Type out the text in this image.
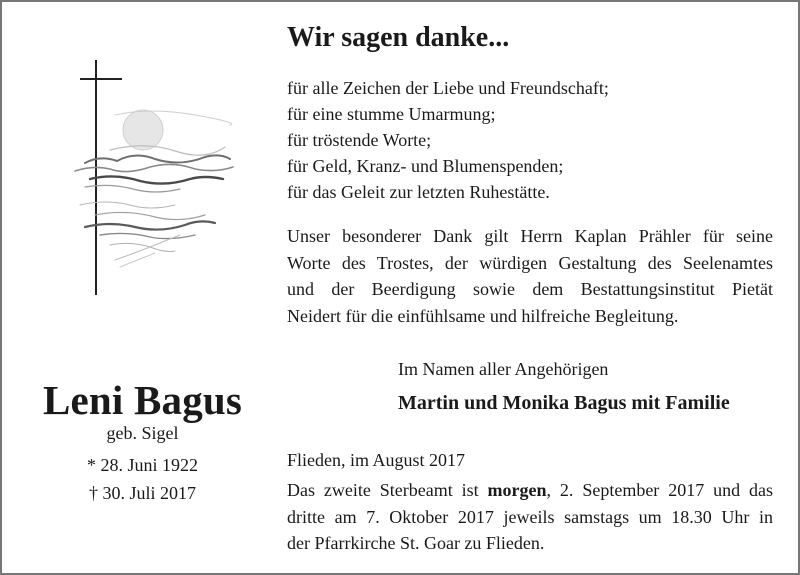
Leni Bagus
geb. Sigel
* 28. Juni 1922
† 30. Juli 2017
Wir sagen danke...
für alle Zeichen der Liebe und Freundschaft;
für eine stumme Umarmung;
für tröstende Worte;
für Geld, Kranz- und Blumenspenden;
für das Geleit zur letzten Ruhestätte.

Unser besonderer Dank gilt Herrn Kaplan Prähler für seine
Worte des Trostes, der würdigen Gestaltung des Seelenamtes
und der Beerdigung sowie dem Bestattungsinstitut Pietät
Neidert für die einfühlsame und hilfreiche Begleitung.

Im Namen aller Angehörigen
Martin und Monika Bagus mit Familie
Flieden, im August 2017

Das zweite Sterbeamt ist morgen, 2. September 2017 und das
dritte am 7. Oktober 2017 jeweils samstags um 18.30 Uhr in
der Pfarrkirche St. Goar zu Flieden.
